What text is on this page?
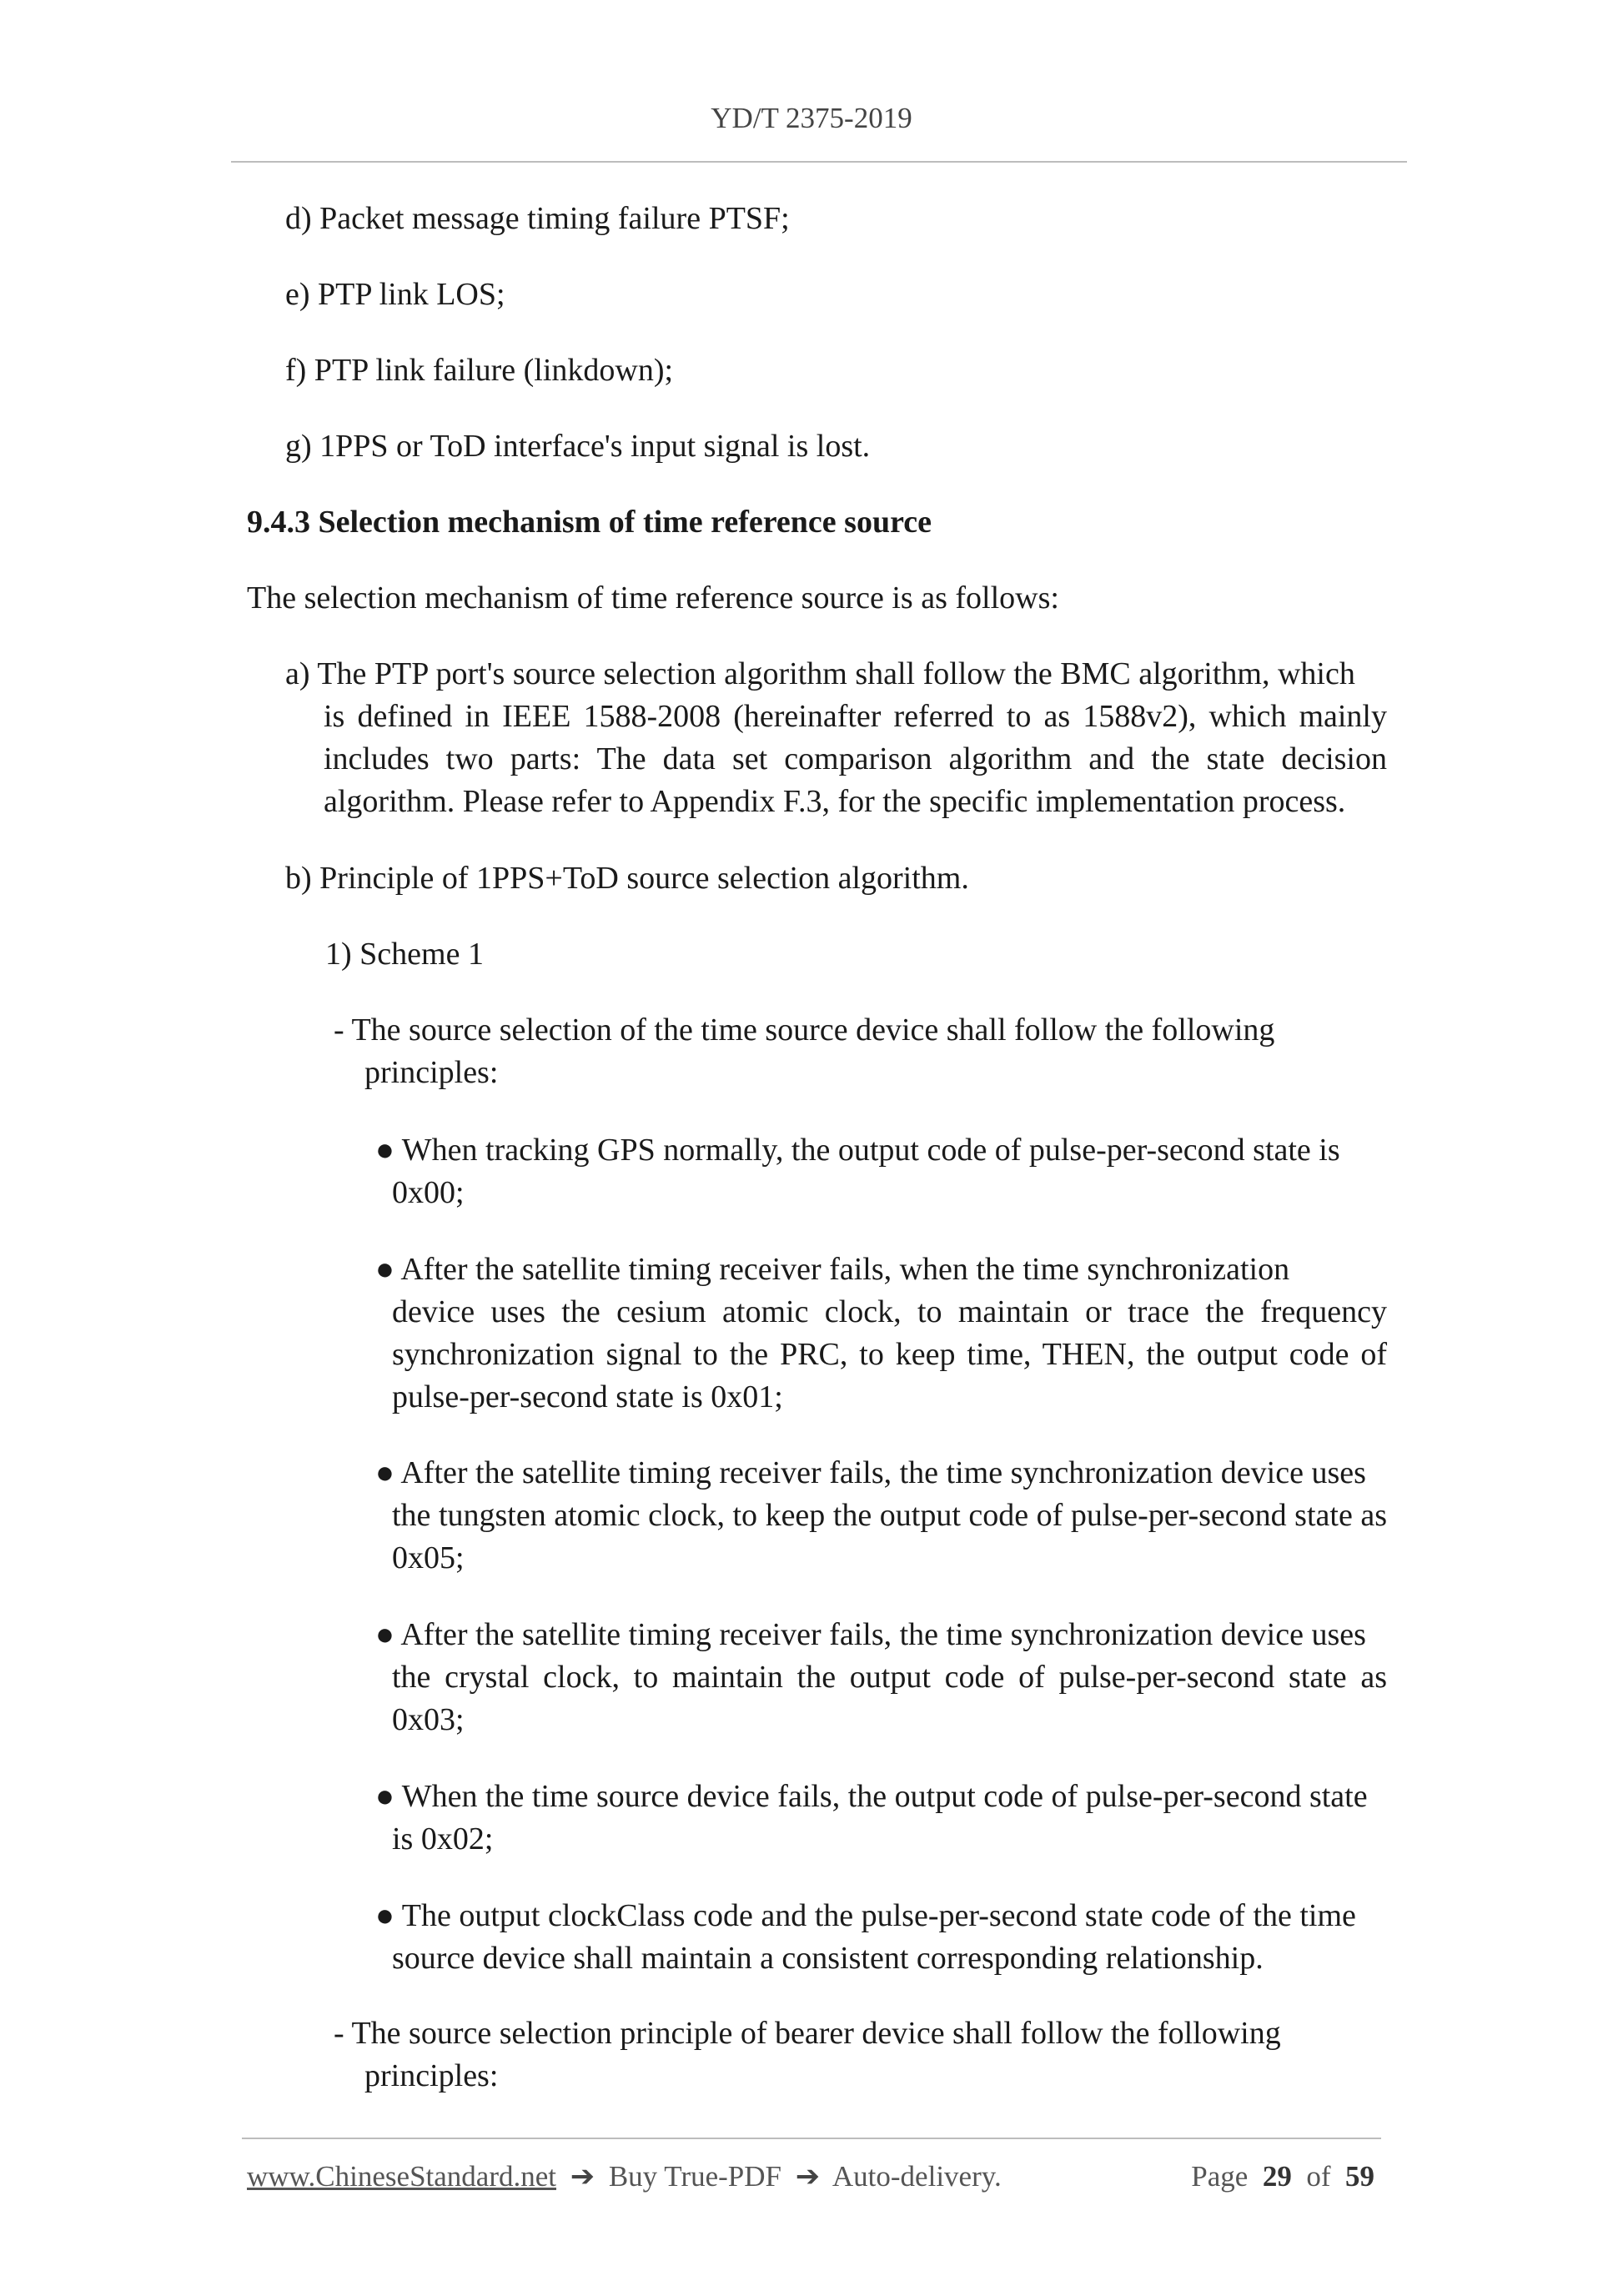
YD/T 2375-2019

d) Packet message timing failure PTSF;

e) PTP link LOS;

f) PTP link failure (linkdown);

g) 1PPS or ToD interface's input signal is lost.

9.4.3 Selection mechanism of time reference source

The selection mechanism of time reference source is as follows:

a) The PTP port's source selection algorithm shall follow the BMC algorithm, which

is defined in IEEE 1588-2008 (hereinafter referred to as 1588v2), which mainly includes two parts: The data set comparison algorithm and the state decision algorithm. Please refer to Appendix F.3, for the specific implementation process.

b) Principle of 1PPS+ToD source selection algorithm.

1) Scheme 1

- The source selection of the time source device shall follow the following

principles:

● When tracking GPS normally, the output code of pulse-per-second state is

0x00;

● After the satellite timing receiver fails, when the time synchronization

device uses the cesium atomic clock, to maintain or trace the frequency synchronization signal to the PRC, to keep time, THEN, the output code of pulse-per-second state is 0x01;

● After the satellite timing receiver fails, the time synchronization device uses

the tungsten atomic clock, to keep the output code of pulse-per-second state as 0x05;

● After the satellite timing receiver fails, the time synchronization device uses

the crystal clock, to maintain the output code of pulse-per-second state as 0x03;

● When the time source device fails, the output code of pulse-per-second state

is 0x02;

● The output clockClass code and the pulse-per-second state code of the time

source device shall maintain a consistent corresponding relationship.

- The source selection principle of bearer device shall follow the following

principles:

www.ChineseStandard.net ➔ Buy True-PDF ➔ Auto-delivery.	Page 29 of 59
